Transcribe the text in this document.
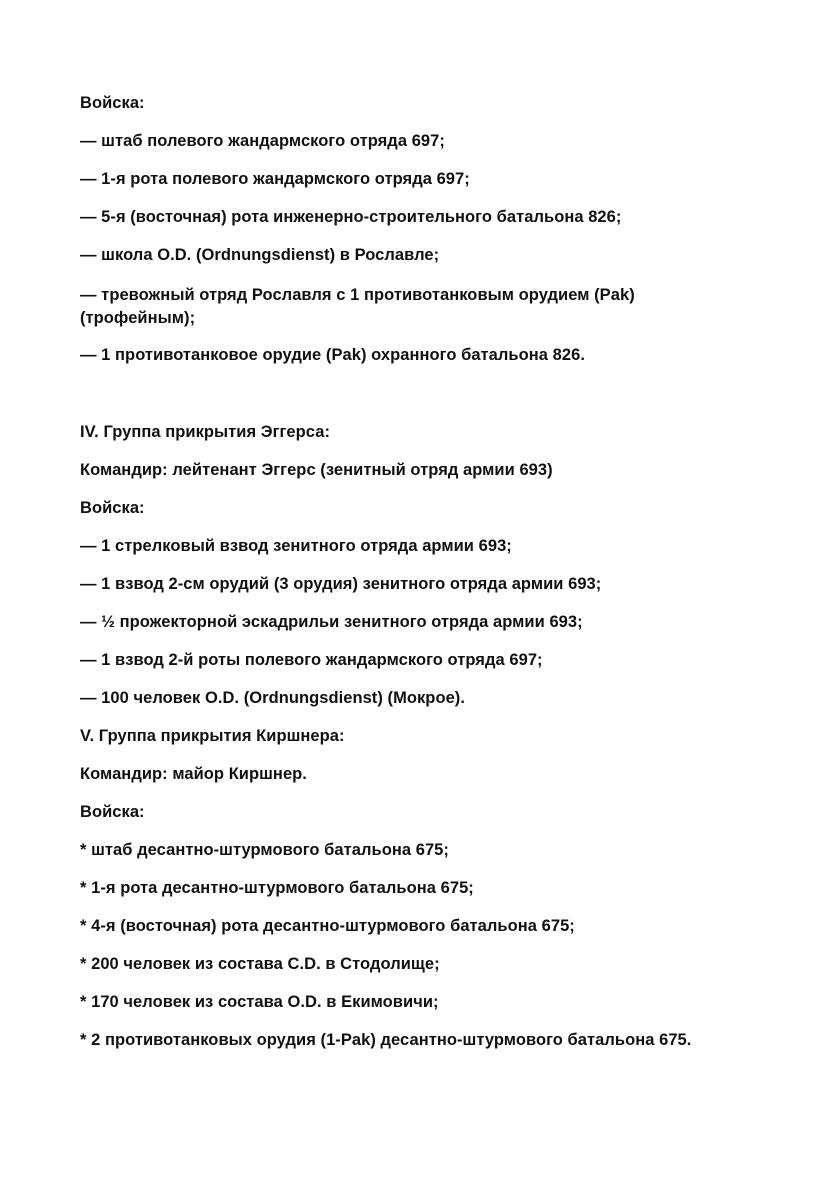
Войска:
— штаб полевого жандармского отряда 697;
— 1-я рота полевого жандармского отряда 697;
— 5-я (восточная) рота инженерно-строительного батальона 826;
— школа O.D. (Ordnungsdienst) в Рославле;
— тревожный отряд Рославля с 1 противотанковым орудием (Pak) (трофейным);
— 1 противотанковое орудие (Pak) охранного батальона 826.
IV. Группа прикрытия Эггерса:
Командир: лейтенант Эггерс (зенитный отряд армии 693)
Войска:
— 1 стрелковый взвод зенитного отряда армии 693;
— 1 взвод 2-см орудий (3 орудия) зенитного отряда армии 693;
— ½ прожекторной эскадрильи зенитного отряда армии 693;
— 1 взвод 2-й роты полевого жандармского отряда 697;
— 100 человек O.D. (Ordnungsdienst) (Мокрое).
V. Группа прикрытия Киршнера:
Командир: майор Киршнер.
Войска:
* штаб десантно-штурмового батальона 675;
* 1-я рота десантно-штурмового батальона 675;
* 4-я (восточная) рота десантно-штурмового батальона 675;
* 200 человек из состава C.D. в Стодолище;
* 170 человек из состава O.D. в Екимовичи;
* 2 противотанковых орудия (1-Pak) десантно-штурмового батальона 675.
